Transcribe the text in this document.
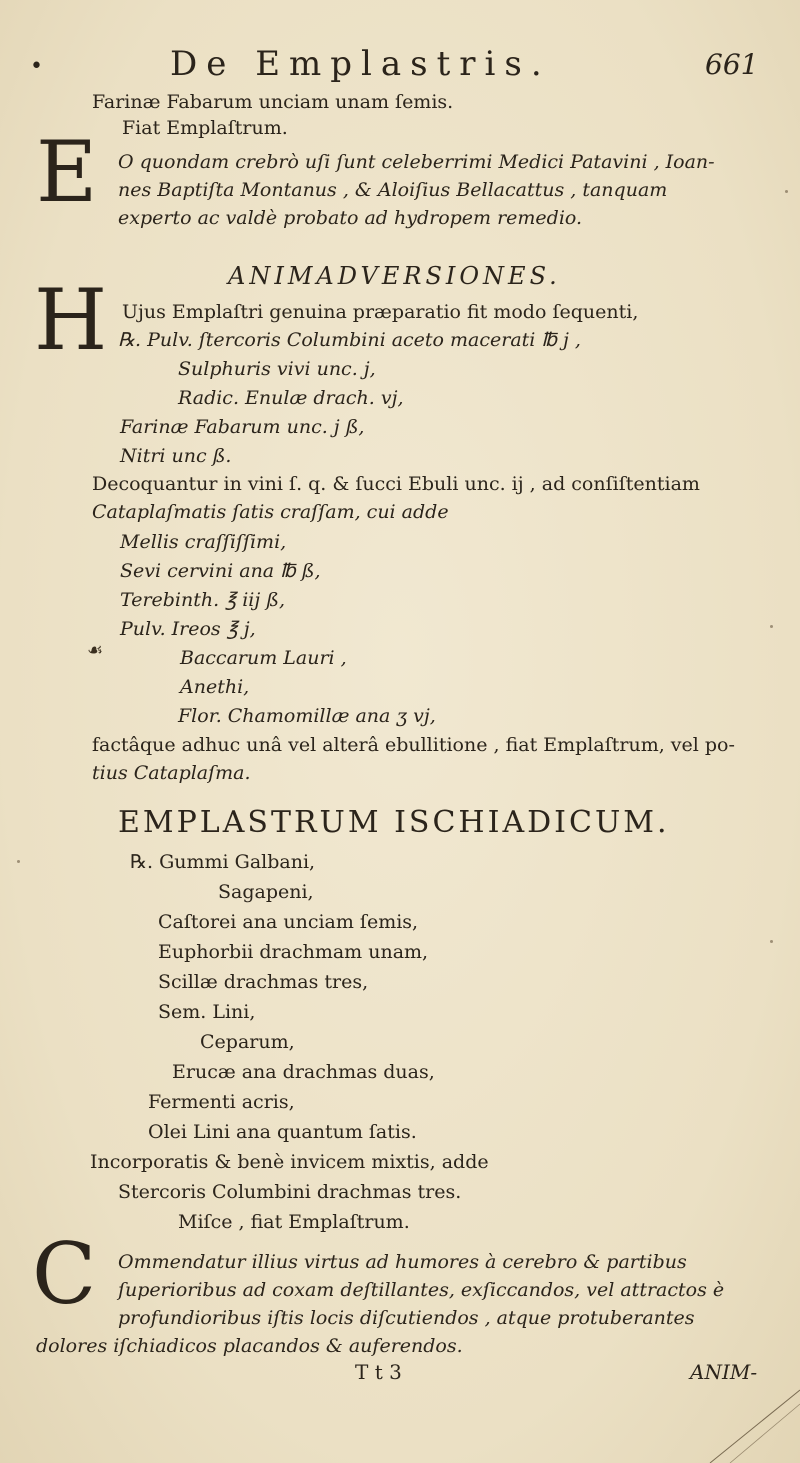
•	De Emplastris.	661
Farinæ Fabarum unciam unam ſemis.
Fiat Emplaſtrum.
E O quondam crebrò uſi ſunt celeberrimi Medici Patavini , Ioan-
nes Baptiſta Montanus , & Aloiſius Bellacattus , tanquam
experto ac valdè probato ad hydropem remedio.
ANIMADVERSIONES.
H Ujus Emplaſtri genuina præparatio fit modo ſequenti,
℞. Pulv. ſtercoris Columbini aceto macerati ℔ j ,
Sulphuris vivi unc. j,
Radic. Enulæ drach. vj,
Farinæ Fabarum unc. j ß,
Nitri unc ß.
Decoquantur in vini ſ. q. & ſucci Ebuli unc. ij , ad conſiſtentiam
Cataplaſmatis ſatis craſſam, cui adde
Mellis craſſiſſimi,
Sevi cervini ana ℔ ß,
Terebinth. ℥ iij ß,
Pulv. Ireos ℥ j,
☙	Baccarum Lauri ,
Anethi,
Flor. Chamomillæ ana ʒ vj,
factâque adhuc unâ vel alterâ ebullitione , fiat Emplaſtrum, vel po-
tius Cataplaſma.
EMPLASTRUM ISCHIADICUM.
℞. Gummi Galbani,
Sagapeni,
Caſtorei ana unciam ſemis,
Euphorbii drachmam unam,
Scillæ drachmas tres,
Sem. Lini,
Ceparum,
Erucæ ana drachmas duas,
Fermenti acris,
Olei Lini ana quantum ſatis.
Incorporatis & benè invicem mixtis, adde
Stercoris Columbini drachmas tres.
Miſce , fiat Emplaſtrum.
C Ommendatur illius virtus ad humores à cerebro & partibus
ſuperioribus ad coxam deſtillantes, exſiccandos, vel attractos è
profundioribus iſtis locis diſcutiendos , atque protuberantes
dolores iſchiadicos placandos & auferendos.
T t 3	ANIM-
